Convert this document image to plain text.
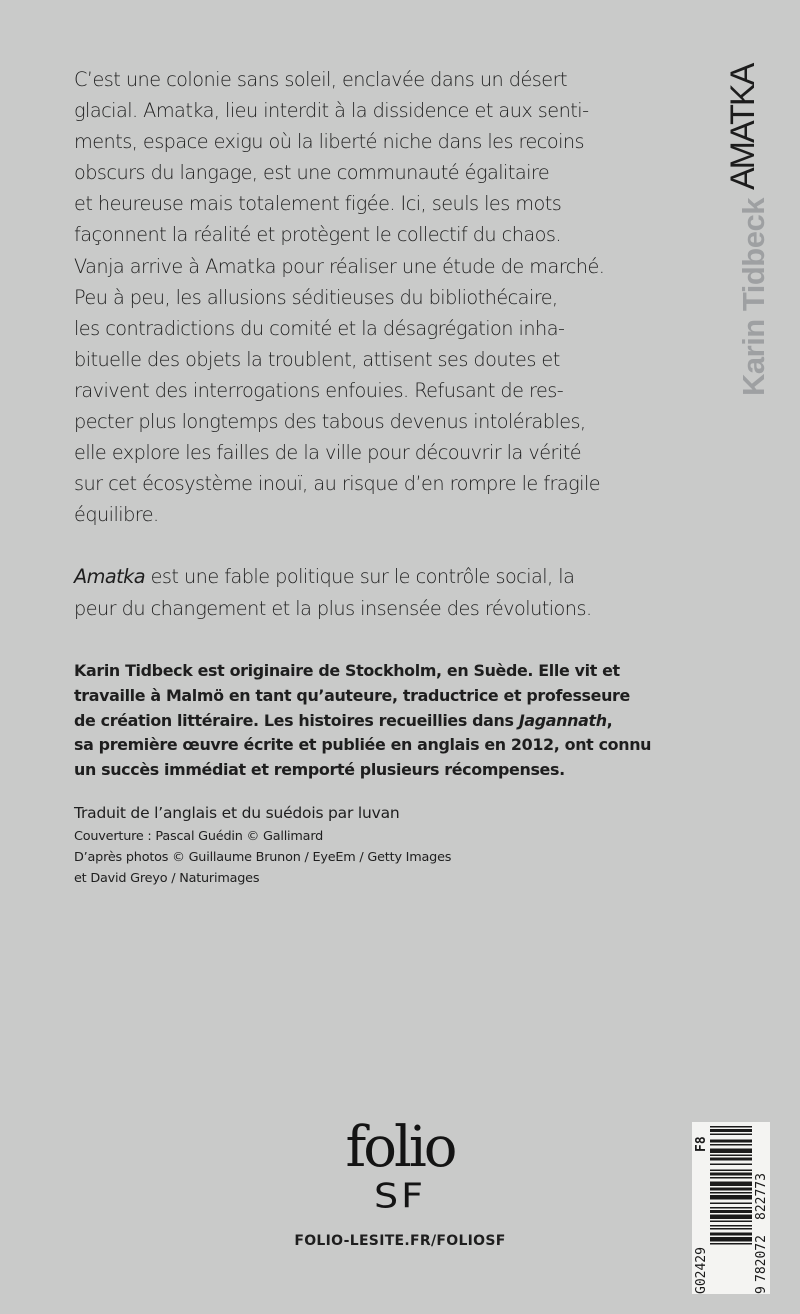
AMATKA
Karin Tidbeck

C’est une colonie sans soleil, enclavée dans un désert
glacial. Amatka, lieu interdit à la dissidence et aux senti-
ments, espace exigu où la liberté niche dans les recoins
obscurs du langage, est une communauté égalitaire
et heureuse mais totalement figée. Ici, seuls les mots
façonnent la réalité et protègent le collectif du chaos.
Vanja arrive à Amatka pour réaliser une étude de marché.
Peu à peu, les allusions séditieuses du bibliothécaire,
les contradictions du comité et la désagrégation inha-
bituelle des objets la troublent, attisent ses doutes et
ravivent des interrogations enfouies. Refusant de res-
pecter plus longtemps des tabous devenus intolérables,
elle explore les failles de la ville pour découvrir la vérité
sur cet écosystème inouï, au risque d’en rompre le fragile
équilibre.

Amatka est une fable politique sur le contrôle social, la
peur du changement et la plus insensée des révolutions.

Karin Tidbeck est originaire de Stockholm, en Suède. Elle vit et
travaille à Malmö en tant qu’auteure, traductrice et professeure
de création littéraire. Les histoires recueillies dans Jagannath,
sa première œuvre écrite et publiée en anglais en 2012, ont connu
un succès immédiat et remporté plusieurs récompenses.
Traduit de l’anglais et du suédois par luvan
Couverture : Pascal Guédin © Gallimard
D’après photos © Guillaume Brunon / EyeEm / Getty Images
et David Greyo / Naturimages
folio
SF
FOLIO-LESITE.FR/FOLIOSF
G02429
F8
9
782072
822773
